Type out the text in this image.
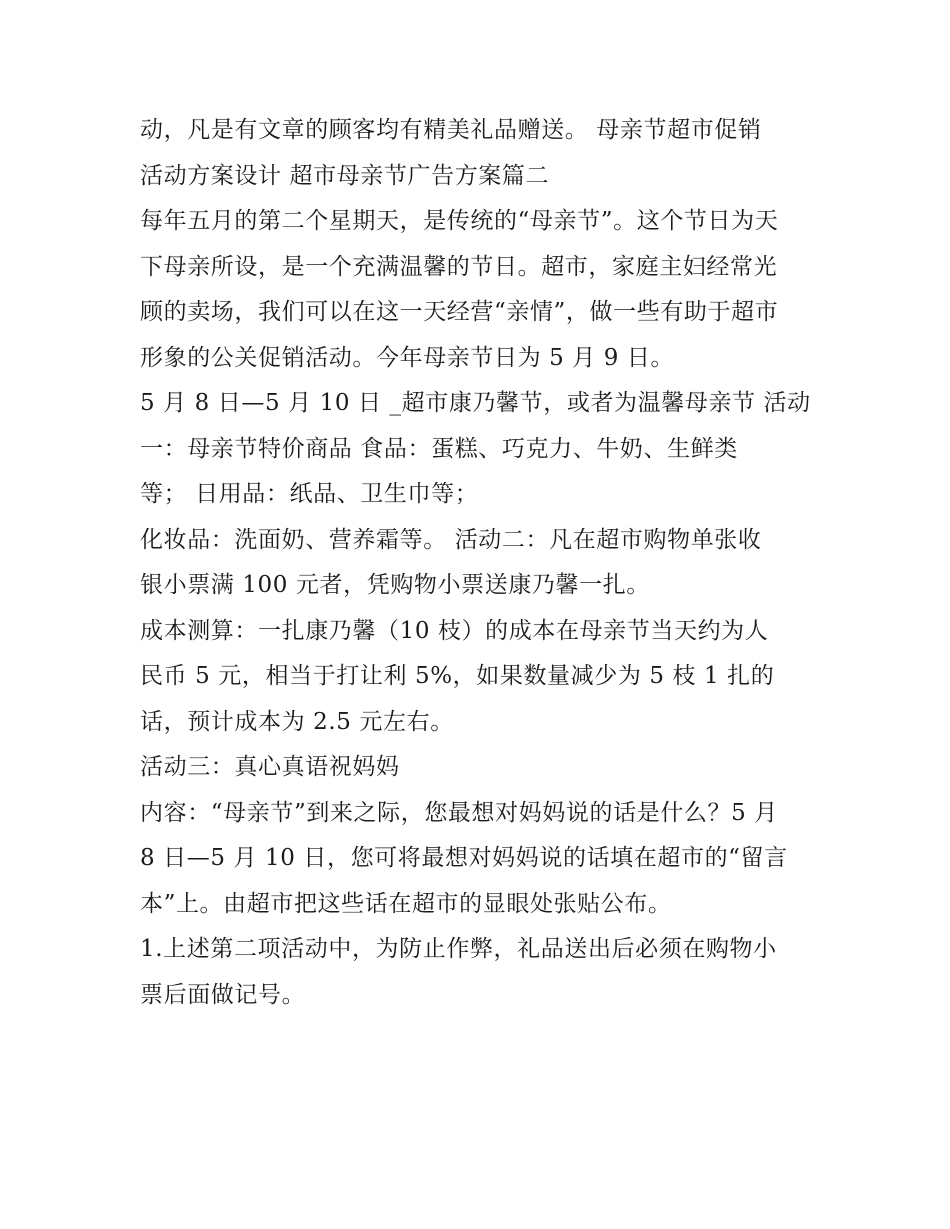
动，凡是有文章的顾客均有精美礼品赠送。 母亲节超市促销
活动方案设计 超市母亲节广告方案篇二
每年五月的第二个星期天，是传统的“母亲节”。这个节日为天
下母亲所设，是一个充满温馨的节日。超市，家庭主妇经常光
顾的卖场，我们可以在这一天经营“亲情”，做一些有助于超市
形象的公关促销活动。今年母亲节日为 5 月 9 日。
5 月 8 日—5 月 10 日 _超市康乃馨节，或者为温馨母亲节 活动
一：母亲节特价商品 食品：蛋糕、巧克力、牛奶、生鲜类
等； 日用品：纸品、卫生巾等；
化妆品：洗面奶、营养霜等。 活动二：凡在超市购物单张收
银小票满 100 元者，凭购物小票送康乃馨一扎。
成本测算：一扎康乃馨（10 枝）的成本在母亲节当天约为人
民币 5 元，相当于打让利 5%，如果数量减少为 5 枝 1 扎的
话，预计成本为 2.5 元左右。
活动三：真心真语祝妈妈
内容：“母亲节”到来之际，您最想对妈妈说的话是什么？5 月
8 日—5 月 10 日，您可将最想对妈妈说的话填在超市的“留言
本”上。由超市把这些话在超市的显眼处张贴公布。
1.上述第二项活动中，为防止作弊，礼品送出后必须在购物小
票后面做记号。
